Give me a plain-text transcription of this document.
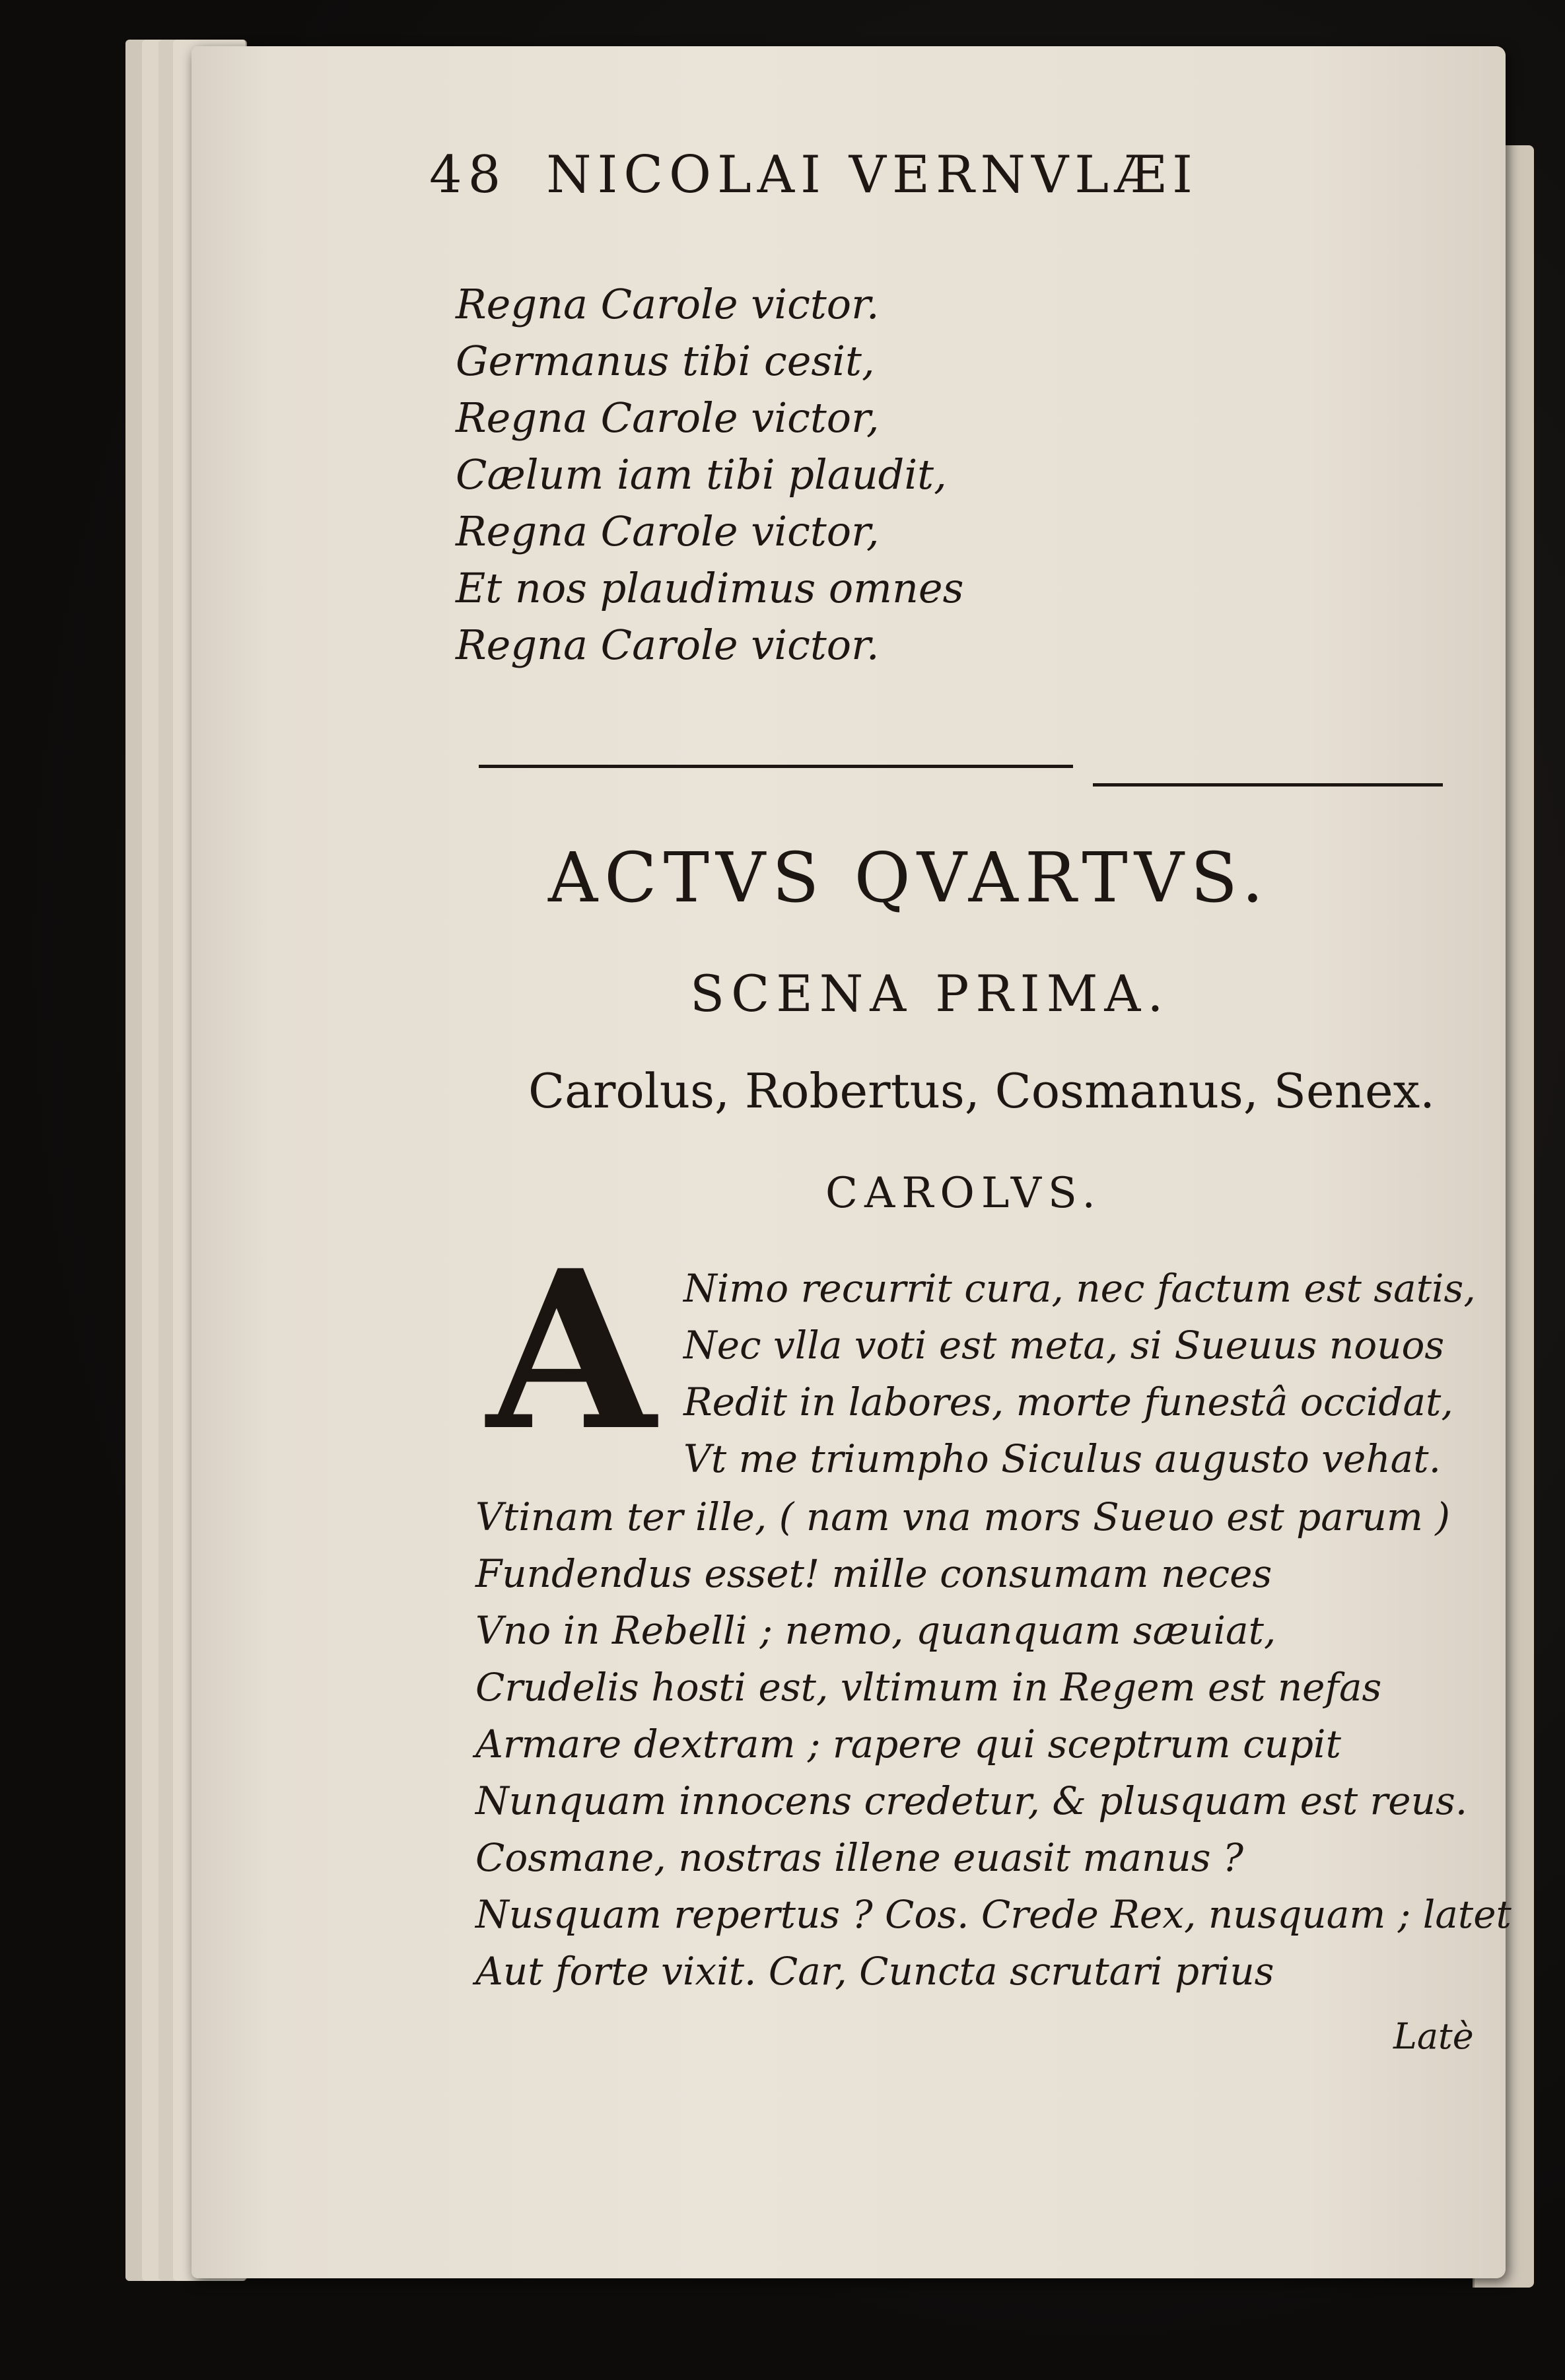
48 NICOLAI VERNVLÆI
Regna Carole victor.
Germanus tibi cesit,
Regna Carole victor,
Cælum iam tibi plaudit,
Regna Carole victor,
Et nos plaudimus omnes
Regna Carole victor.
ACTVS QVARTVS.
SCENA PRIMA.
Carolus, Robertus, Cosmanus, Senex.
CAROLVS.
A Nimo recurrit cura, nec factum est satis,
Nec vlla voti est meta, si Sueuus nouos
Redit in labores, morte funestâ occidat,
Vt me triumpho Siculus augusto vehat.
Vtinam ter ille, ( nam vna mors Sueuo est parum )
Fundendus esset! mille consumam neces
Vno in Rebelli ; nemo, quanquam sæuiat,
Crudelis hosti est, vltimum in Regem est nefas
Armare dextram ; rapere qui sceptrum cupit
Nunquam innocens credetur, & plusquam est reus.
Cosmane, nostras illene euasit manus ?
Nusquam repertus ? Cos. Crede Rex, nusquam ; latet
Aut forte vixit. Car, Cuncta scrutari prius
Latè
